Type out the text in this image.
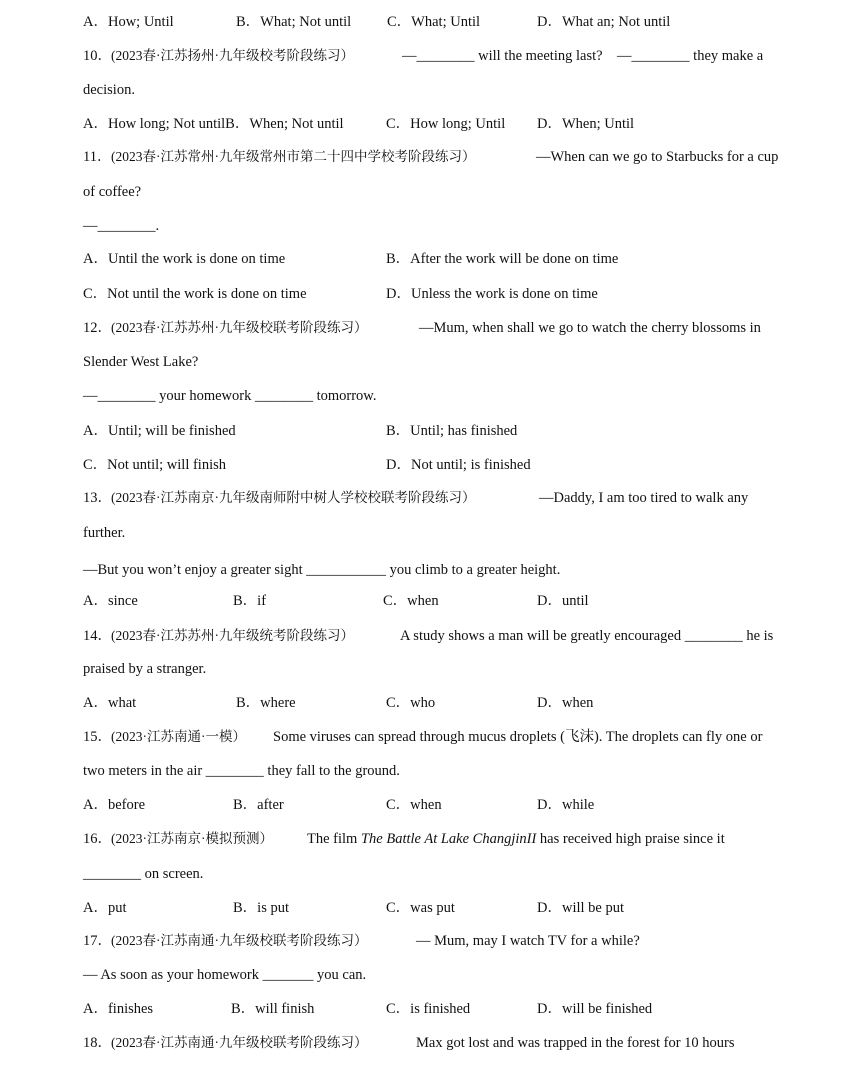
A．How; Until	B．What; Not until C．What; Until	D．What an; Not until
10． (2023春·江苏扬州·九年级校考阶段练习）	—________ will the meeting last?　—________ they make a
decision.
A．How long; Not untilB．When; Not until	C．How long; Until D．When; Until
11． (2023春·江苏常州·九年级常州市第二十四中学校考阶段练习）	—When can we go to Starbucks for a cup
of coffee?
—________.
A．Until the work is done on time	B．After the work will be done on time
C．Not until the work is done on time	D．Unless the work is done on time
12． (2023春·江苏苏州·九年级校联考阶段练习）	—Mum, when shall we go to watch the cherry blossoms in
Slender West Lake?
—________ your homework ________ tomorrow.
A．Until; will be finished	B．Until; has finished
C．Not until; will finish	D．Not until; is finished
13． (2023春·江苏南京·九年级南师附中树人学校校联考阶段练习）	—Daddy, I am too tired to walk any
further.
—But you won’t enjoy a greater sight ___________ you climb to a greater height.
A．since	B．if	C．when	D．until
14． (2023春·江苏苏州·九年级统考阶段练习）	A study shows a man will be greatly encouraged ________ he is
praised by a stranger.
A．what	B．where	C．who	D．when
15． (2023·江苏南通·一模） Some viruses can spread through mucus droplets (飞沫). The droplets can fly one or
two meters in the air ________ they fall to the ground.
A．before	B．after	C．when	D．while
16． (2023·江苏南京·模拟预测） The film The Battle At Lake ChangjinII has received high praise since it
________ on screen.
A．put	B．is put	C．was put	D．will be put
17． (2023春·江苏南通·九年级校联考阶段练习）	— Mum, may I watch TV for a while?
— As soon as your homework _______ you can.
A．finishes	B．will finish	C．is finished	D．will be finished
18． (2023春·江苏南通·九年级校联考阶段练习）	Max got lost and was trapped in the forest for 10 hours
